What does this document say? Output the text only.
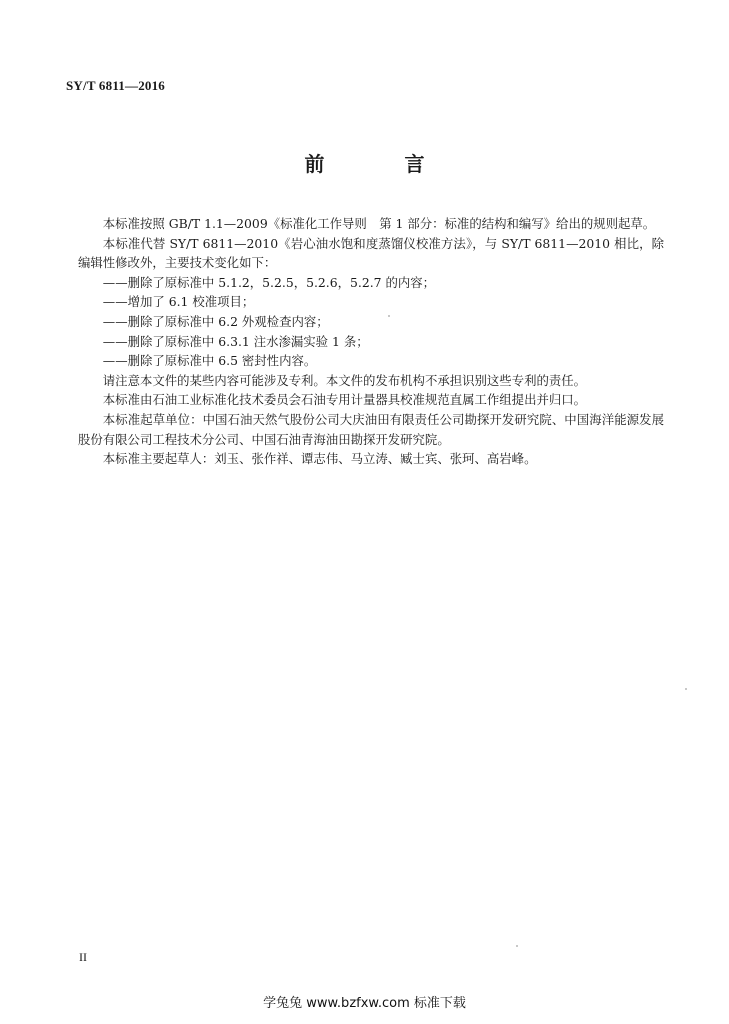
SY/T 6811—2016
前　言

本标准按照 GB/T 1.1—2009《标准化工作导则　第 1 部分：标准的结构和编写》给出的规则起草。

本标准代替 SY/T 6811—2010《岩心油水饱和度蒸馏仪校准方法》，与 SY/T 6811—2010 相比，除编辑性修改外，主要技术变化如下：

——删除了原标准中 5.1.2，5.2.5，5.2.6，5.2.7 的内容；

——增加了 6.1 校准项目；

——删除了原标准中 6.2 外观检查内容；

——删除了原标准中 6.3.1 注水渗漏实验 1 条；

——删除了原标准中 6.5 密封性内容。

请注意本文件的某些内容可能涉及专利。本文件的发布机构不承担识别这些专利的责任。

本标准由石油工业标准化技术委员会石油专用计量器具校准规范直属工作组提出并归口。

本标准起草单位：中国石油天然气股份公司大庆油田有限责任公司勘探开发研究院、中国海洋能源发展股份有限公司工程技术分公司、中国石油青海油田勘探开发研究院。

本标准主要起草人：刘玉、张作祥、谭志伟、马立涛、臧士宾、张珂、高岩峰。

II
学兔兔 www.bzfxw.com 标准下载
